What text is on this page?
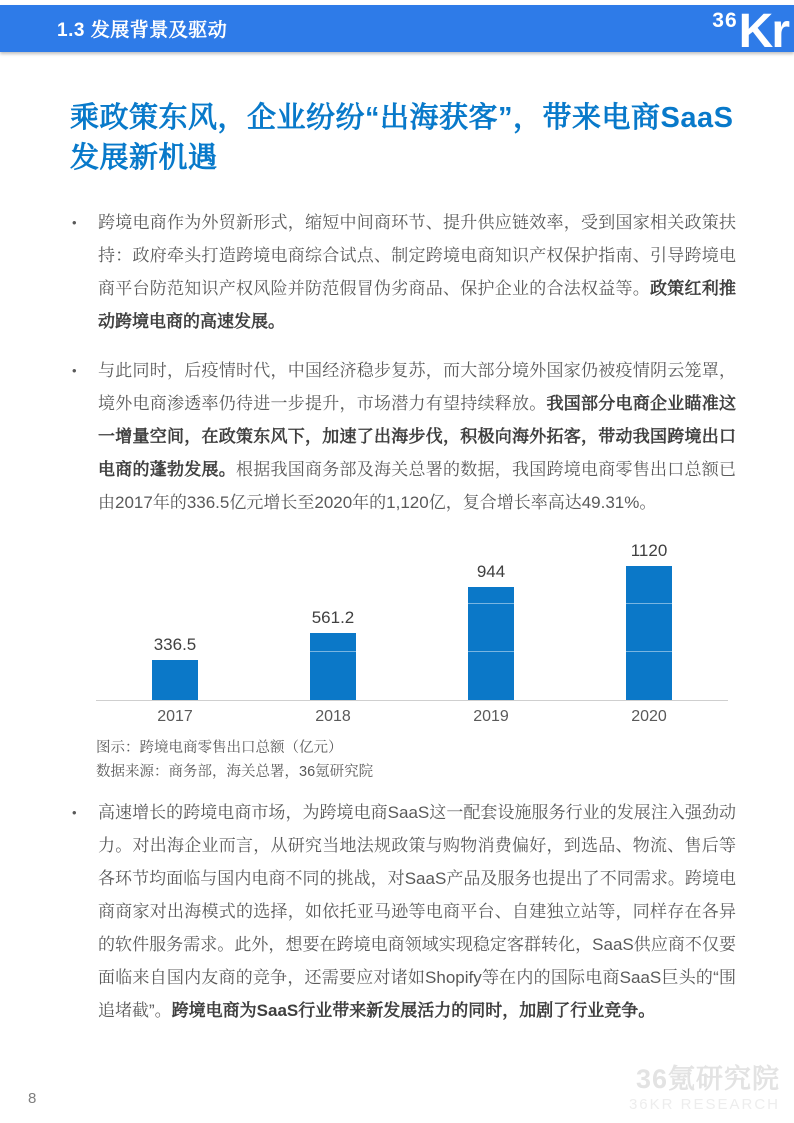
1.3 发展背景及驱动	36 Kr
乘政策东风，企业纷纷“出海获客”，带来电商SaaS发展新机遇
• 跨境电商作为外贸新形式，缩短中间商环节、提升供应链效率，受到国家相关政策扶持：政府牵头打造跨境电商综合试点、制定跨境电商知识产权保护指南、引导跨境电商平台防范知识产权风险并防范假冒伪劣商品、保护企业的合法权益等。政策红利推动跨境电商的高速发展。
• 与此同时，后疫情时代，中国经济稳步复苏，而大部分境外国家仍被疫情阴云笼罩，境外电商渗透率仍待进一步提升，市场潜力有望持续释放。我国部分电商企业瞄准这一增量空间，在政策东风下，加速了出海步伐，积极向海外拓客，带动我国跨境出口电商的蓬勃发展。根据我国商务部及海关总署的数据，我国跨境电商零售出口总额已由2017年的336.5亿元增长至2020年的1,120亿，复合增长率高达49.31%。
336.5
561.2
944
1120
2017	2018	2019	2020
图示：跨境电商零售出口总额（亿元）
数据来源：商务部，海关总署，36氪研究院
• 高速增长的跨境电商市场，为跨境电商SaaS这一配套设施服务行业的发展注入强劲动力。对出海企业而言，从研究当地法规政策与购物消费偏好，到选品、物流、售后等各环节均面临与国内电商不同的挑战，对SaaS产品及服务也提出了不同需求。跨境电商商家对出海模式的选择，如依托亚马逊等电商平台、自建独立站等，同样存在各异的软件服务需求。此外，想要在跨境电商领域实现稳定客群转化，SaaS供应商不仅要面临来自国内友商的竞争，还需要应对诸如Shopify等在内的国际电商SaaS巨头的“围追堵截”。跨境电商为SaaS行业带来新发展活力的同时，加剧了行业竞争。
8
36氪研究院
36KR RESEARCH
